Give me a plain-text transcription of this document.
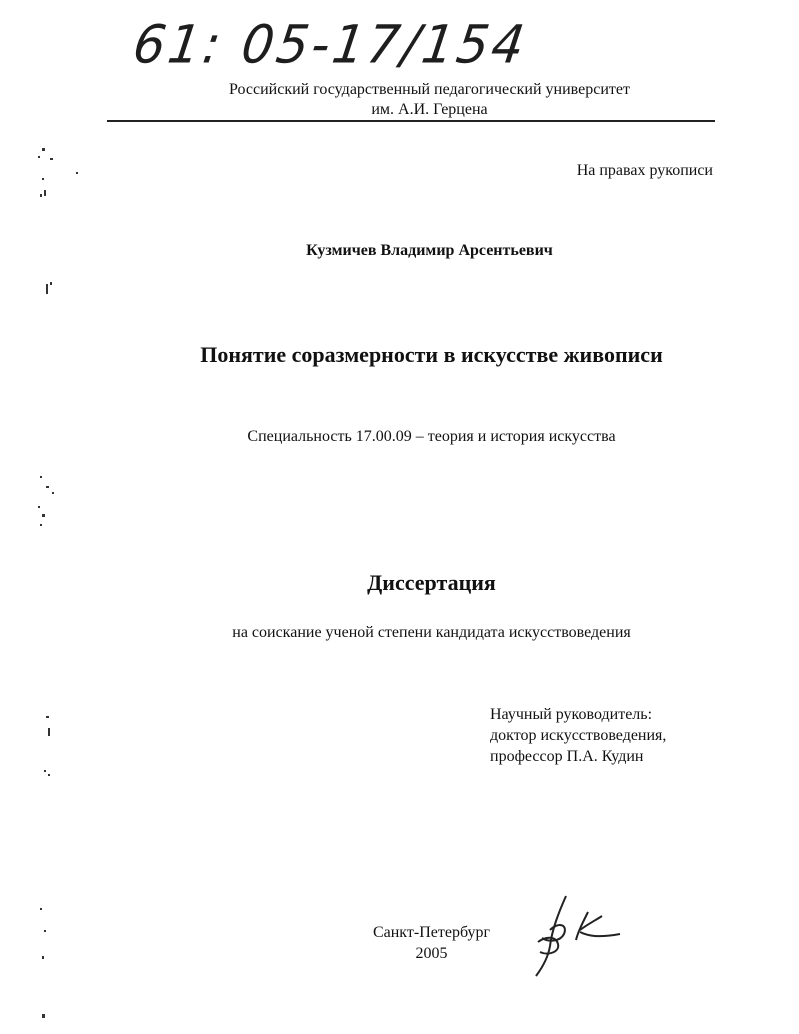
61: 05-17/154
Российский государственный педагогический университет
им. А.И. Герцена
На правах рукописи
Кузмичев Владимир Арсентьевич
Понятие соразмерности в искусстве живописи
Специальность 17.00.09 – теория и история искусства
Диссертация
на соискание ученой степени кандидата искусствоведения
Научный руководитель:
доктор искусствоведения,
профессор П.А. Кудин
Санкт-Петербург
2005
